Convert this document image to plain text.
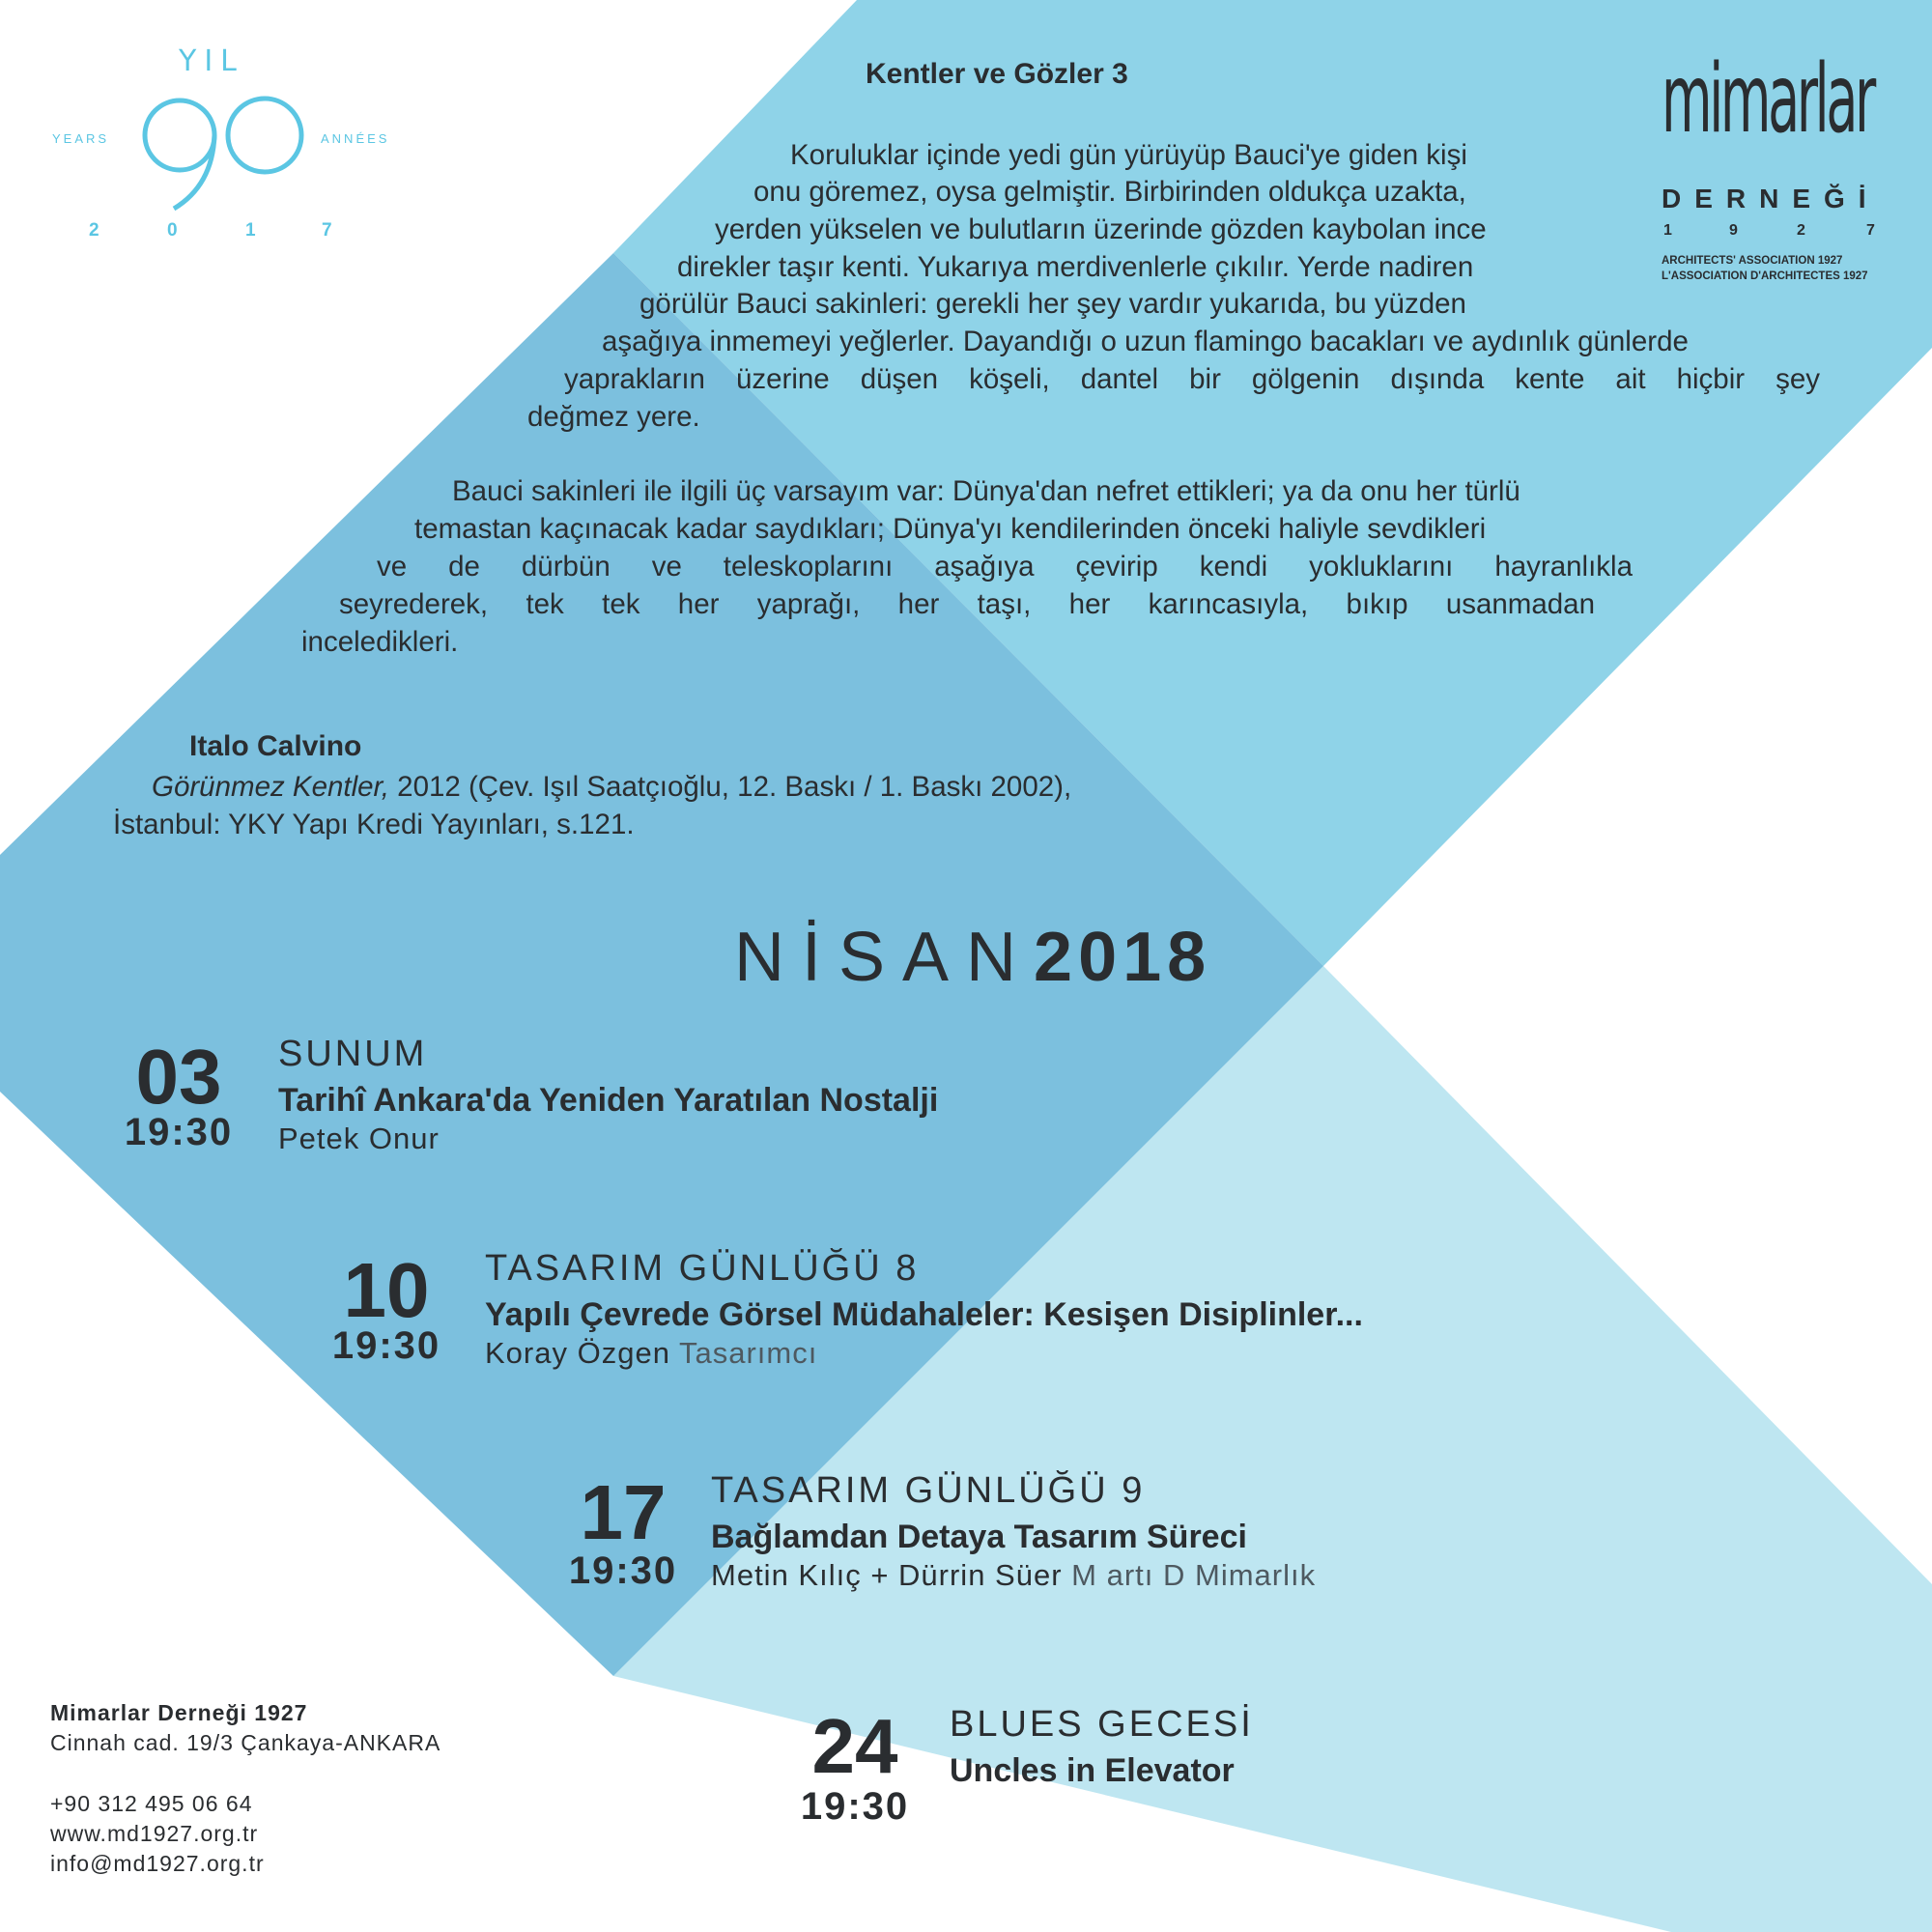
YIL
YEARS
90
ANNÉES
2	0	1	7
mimarlar
DERNEĞİ
1	9	2	7
ARCHITECTS' ASSOCIATION 1927
L'ASSOCIATION D'ARCHITECTES 1927
Kentler ve Gözler 3
Koruluklar içinde yedi gün yürüyüp Bauci'ye giden kişi
onu göremez, oysa gelmiştir. Birbirinden oldukça uzakta,
yerden yükselen ve bulutların üzerinde gözden kaybolan ince
direkler taşır kenti. Yukarıya merdivenlerle çıkılır. Yerde nadiren
görülür Bauci sakinleri: gerekli her şey vardır yukarıda, bu yüzden
aşağıya inmemeyi yeğlerler. Dayandığı o uzun flamingo bacakları ve aydınlık günlerde
yaprakların üzerine düşen köşeli, dantel bir gölgenin dışında kente ait hiçbir şey
değmez yere.
Bauci sakinleri ile ilgili üç varsayım var: Dünya'dan nefret ettikleri; ya da onu her türlü
temastan kaçınacak kadar saydıkları; Dünya'yı kendilerinden önceki haliyle sevdikleri
ve de dürbün ve teleskoplarını aşağıya çevirip kendi yokluklarını hayranlıkla
seyrederek, tek tek her yaprağı, her taşı, her karıncasıyla, bıkıp usanmadan
inceledikleri.
Italo Calvino
Görünmez Kentler, 2012 (Çev. Işıl Saatçıoğlu, 12. Baskı / 1. Baskı 2002),
İstanbul: YKY Yapı Kredi Yayınları, s.121.
NİSAN2018
03
19:30
SUNUM
Tarihî Ankara'da Yeniden Yaratılan Nostalji
Petek Onur
10
19:30
TASARIM GÜNLÜĞÜ 8
Yapılı Çevrede Görsel Müdahaleler: Kesişen Disiplinler...
Koray Özgen Tasarımcı
17
19:30
TASARIM GÜNLÜĞÜ 9
Bağlamdan Detaya Tasarım Süreci
Metin Kılıç + Dürrin Süer M artı D Mimarlık
24
19:30
BLUES GECESİ
Uncles in Elevator
Mimarlar Derneği 1927
Cinnah cad. 19/3 Çankaya-ANKARA
+90 312 495 06 64
www.md1927.org.tr
info@md1927.org.tr
